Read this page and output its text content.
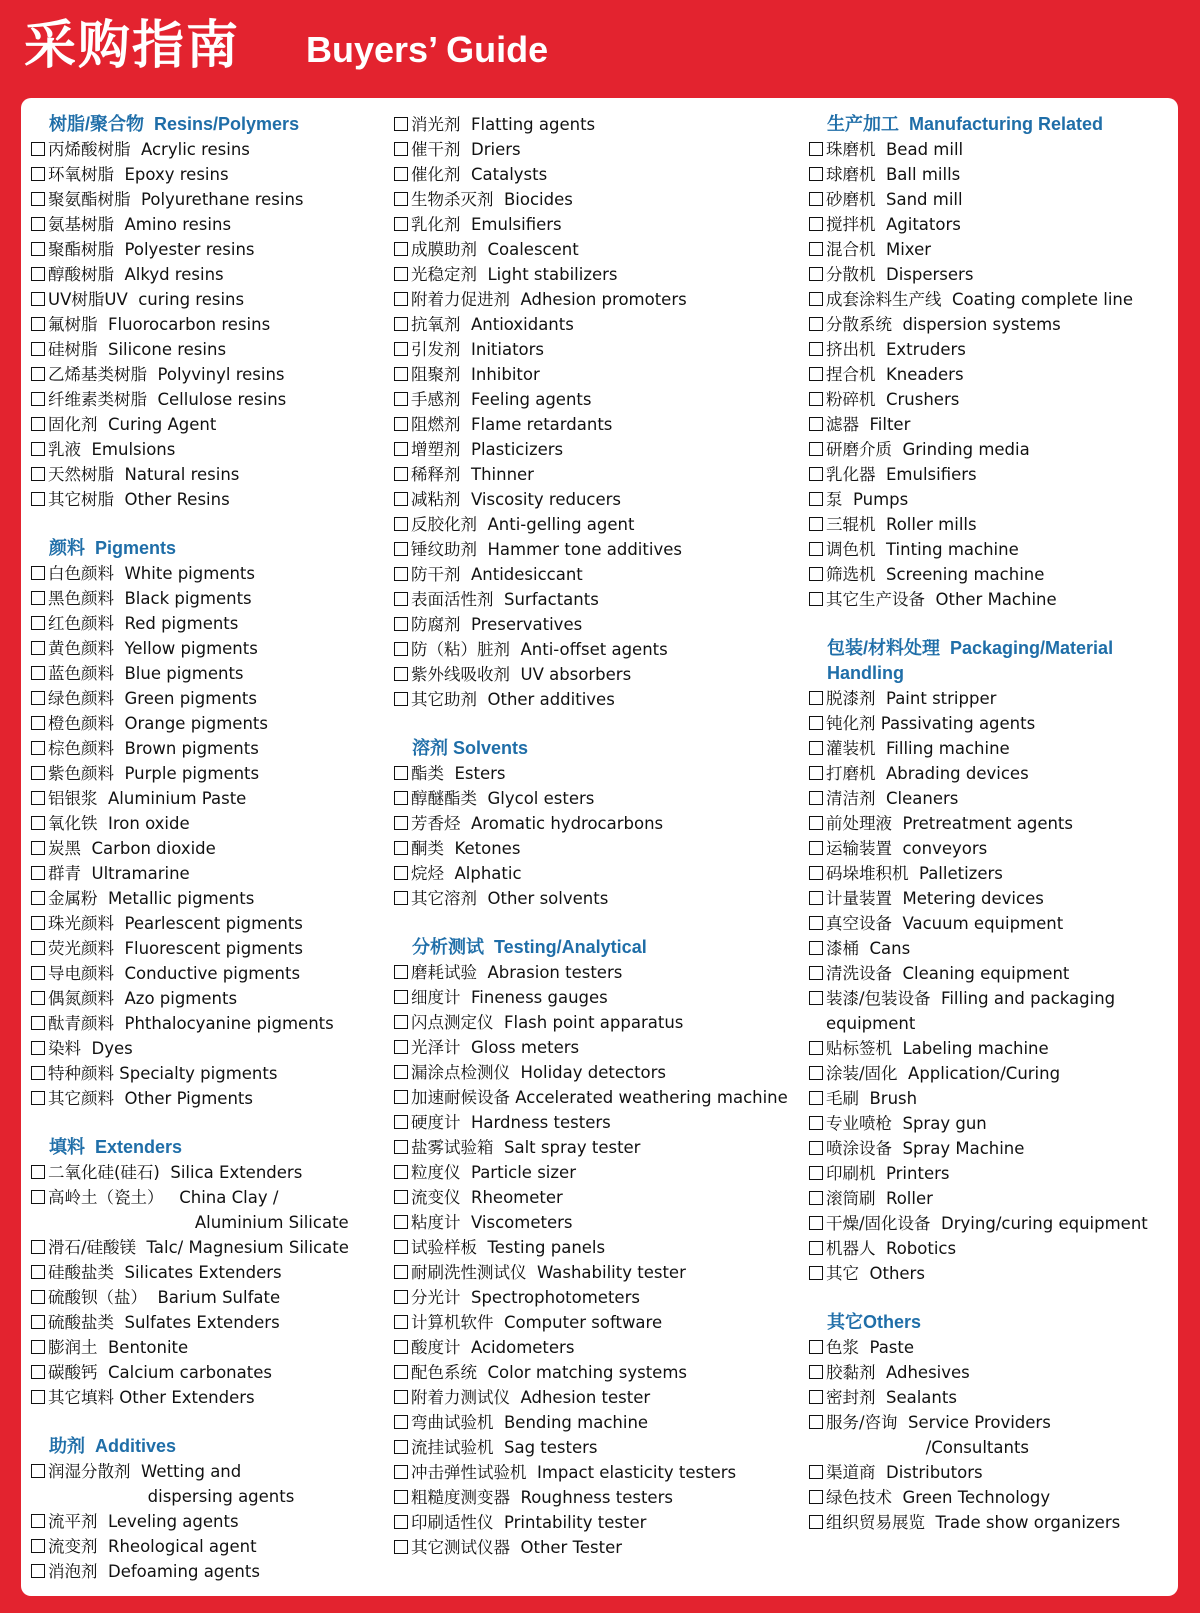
采购指南 Buyers’ Guide
树脂/聚合物  Resins/Polymers
丙烯酸树脂  Acrylic resins
环氧树脂  Epoxy resins
聚氨酯树脂  Polyurethane resins
氨基树脂  Amino resins
聚酯树脂  Polyester resins
醇酸树脂  Alkyd resins
UV树脂UV  curing resins
氟树脂  Fluorocarbon resins
硅树脂  Silicone resins
乙烯基类树脂  Polyvinyl resins
纤维素类树脂  Cellulose resins
固化剂  Curing Agent
乳液  Emulsions
天然树脂  Natural resins
其它树脂  Other Resins
颜料  Pigments
白色颜料  White pigments
黑色颜料  Black pigments
红色颜料  Red pigments
黄色颜料  Yellow pigments
蓝色颜料  Blue pigments
绿色颜料  Green pigments
橙色颜料  Orange pigments
棕色颜料  Brown pigments
紫色颜料  Purple pigments
铝银浆  Aluminium Paste
氧化铁  Iron oxide
炭黑  Carbon dioxide
群青  Ultramarine
金属粉  Metallic pigments
珠光颜料  Pearlescent pigments
荧光颜料  Fluorescent pigments
导电颜料  Conductive pigments
偶氮颜料  Azo pigments
酞青颜料  Phthalocyanine pigments
染料  Dyes
特种颜料 Specialty pigments
其它颜料  Other Pigments
填料  Extenders
二氧化硅(硅石)  Silica Extenders
高岭土（瓷土）   China Clay /
Aluminium Silicate
滑石/硅酸镁  Talc/ Magnesium Silicate
硅酸盐类  Silicates Extenders
硫酸钡（盐）  Barium Sulfate
硫酸盐类  Sulfates Extenders
膨润土  Bentonite
碳酸钙  Calcium carbonates
其它填料 Other Extenders
助剂  Additives
润湿分散剂  Wetting and
dispersing agents
流平剂  Leveling agents
流变剂  Rheological agent
消泡剂  Defoaming agents
消光剂  Flatting agents
催干剂  Driers
催化剂  Catalysts
生物杀灭剂  Biocides
乳化剂  Emulsifiers
成膜助剂  Coalescent
光稳定剂  Light stabilizers
附着力促进剂  Adhesion promoters
抗氧剂  Antioxidants
引发剂  Initiators
阻聚剂  Inhibitor
手感剂  Feeling agents
阻燃剂  Flame retardants
增塑剂  Plasticizers
稀释剂  Thinner
减粘剂  Viscosity reducers
反胶化剂  Anti-gelling agent
锤纹助剂  Hammer tone additives
防干剂  Antidesiccant
表面活性剂  Surfactants
防腐剂  Preservatives
防（粘）脏剂  Anti-offset agents
紫外线吸收剂  UV absorbers
其它助剂  Other additives
溶剂 Solvents
酯类  Esters
醇醚酯类  Glycol esters
芳香烃  Aromatic hydrocarbons
酮类  Ketones
烷烃  Alphatic
其它溶剂  Other solvents
分析测试  Testing/Analytical
磨耗试验  Abrasion testers
细度计  Fineness gauges
闪点测定仪  Flash point apparatus
光泽计  Gloss meters
漏涂点检测仪  Holiday detectors
加速耐候设备 Accelerated weathering machine
硬度计  Hardness testers
盐雾试验箱  Salt spray tester
粒度仪  Particle sizer
流变仪  Rheometer
粘度计  Viscometers
试验样板  Testing panels
耐刷洗性测试仪  Washability tester
分光计  Spectrophotometers
计算机软件  Computer software
酸度计  Acidometers
配色系统  Color matching systems
附着力测试仪  Adhesion tester
弯曲试验机  Bending machine
流挂试验机  Sag testers
冲击弹性试验机  Impact elasticity testers
粗糙度测变器  Roughness testers
印刷适性仪  Printability tester
其它测试仪器  Other Tester
生产加工  Manufacturing Related
珠磨机  Bead mill
球磨机  Ball mills
砂磨机  Sand mill
搅拌机  Agitators
混合机  Mixer
分散机  Dispersers
成套涂料生产线  Coating complete line
分散系统  dispersion systems
挤出机  Extruders
捏合机  Kneaders
粉碎机  Crushers
滤器  Filter
研磨介质  Grinding media
乳化器  Emulsifiers
泵  Pumps
三辊机  Roller mills
调色机  Tinting machine
筛选机  Screening machine
其它生产设备  Other Machine
包装/材料处理  Packaging/Material
Handling
脱漆剂  Paint stripper
钝化剂 Passivating agents
灌装机  Filling machine
打磨机  Abrading devices
清洁剂  Cleaners
前处理液  Pretreatment agents
运输装置  conveyors
码垛堆积机  Palletizers
计量装置  Metering devices
真空设备  Vacuum equipment
漆桶  Cans
清洗设备  Cleaning equipment
装漆/包装设备  Filling and packaging
equipment
贴标签机  Labeling machine
涂装/固化  Application/Curing
毛刷  Brush
专业喷枪  Spray gun
喷涂设备  Spray Machine
印刷机  Printers
滚筒刷  Roller
干燥/固化设备  Drying/curing equipment
机器人  Robotics
其它  Others
其它Others
色浆  Paste
胶黏剂  Adhesives
密封剂  Sealants
服务/咨询  Service Providers
/Consultants
渠道商  Distributors
绿色技术  Green Technology
组织贸易展览  Trade show organizers
